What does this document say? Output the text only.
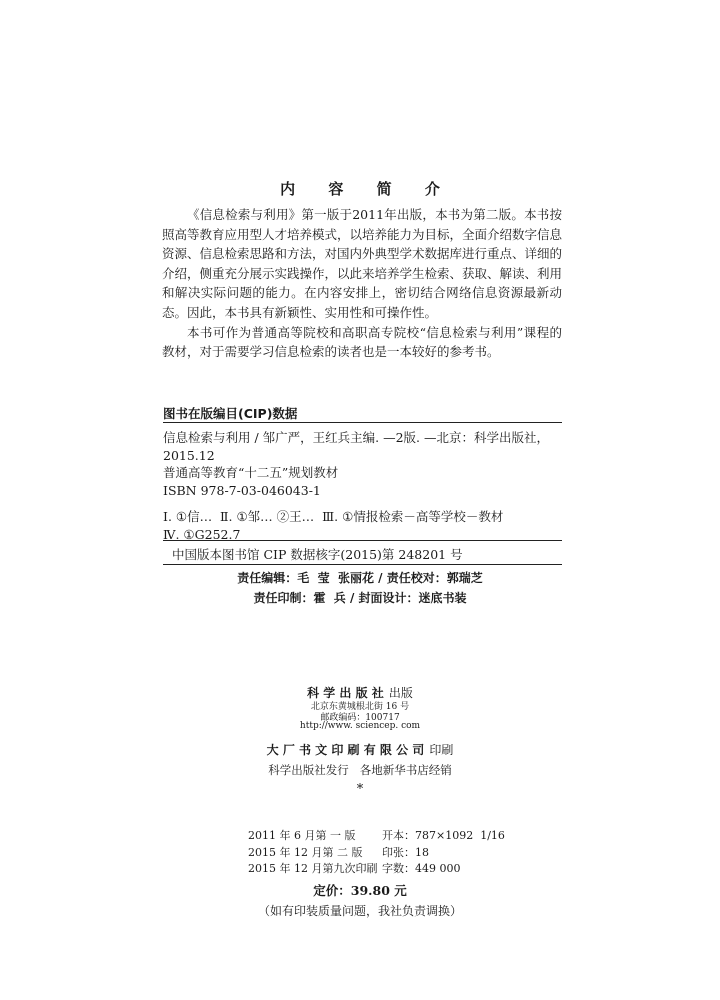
内 容 简 介

《信息检索与利用》第一版于2011年出版，本书为第二版。本书按照高等教育应用型人才培养模式，以培养能力为目标，全面介绍数字信息资源、信息检索思路和方法，对国内外典型学术数据库进行重点、详细的介绍，侧重充分展示实践操作，以此来培养学生检索、获取、解读、利用和解决实际问题的能力。在内容安排上，密切结合网络信息资源最新动态。因此，本书具有新颖性、实用性和可操作性。

本书可作为普通高等院校和高职高专院校“信息检索与利用”课程的教材，对于需要学习信息检索的读者也是一本较好的参考书。

图书在版编目(CIP)数据
信息检索与利用 / 邹广严，王红兵主编. —2版. —北京：科学出版社，
2015.12
普通高等教育“十二五”规划教材
ISBN 978-7-03-046043-1
Ⅰ. ①信…  Ⅱ. ①邹… ②王…  Ⅲ. ①情报检索－高等学校－教材
Ⅳ. ①G252.7
中国版本图书馆 CIP 数据核字(2015)第 248201 号
责任编辑：毛  莹  张丽花 / 责任校对：郭瑞芝
责任印制：霍  兵 / 封面设计：迷底书装
科 学 出 版 社 出版
北京东黄城根北街 16 号
邮政编码：100717
http://www. sciencep. com
大 厂 书 文 印 刷 有 限 公 司 印刷
科学出版社发行   各地新华书店经销
*
2011 年 6 月第 一 版	开本：787×1092  1/16
2015 年 12 月第 二 版	印张：18
2015 年 12 月第九次印刷 字数：449 000
定价：39.80 元
（如有印装质量问题，我社负责调换）
